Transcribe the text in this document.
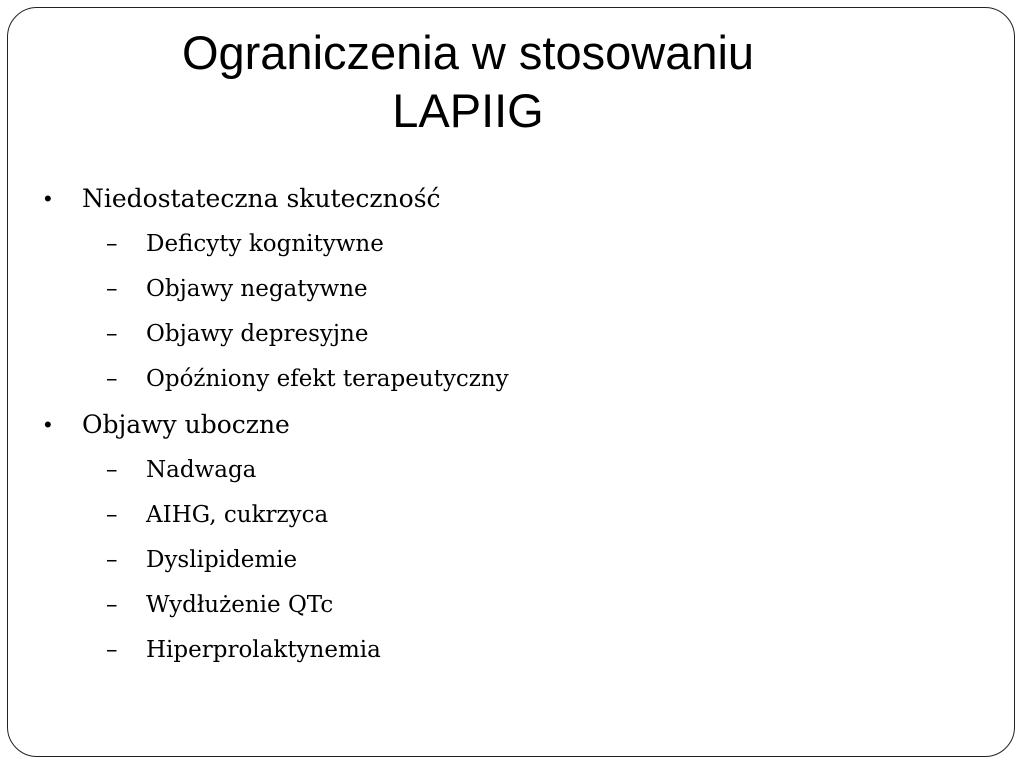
Ograniczenia w stosowaniu
LAPIIG
• Niedostateczna skuteczność
– Deficyty kognitywne
– Objawy negatywne
– Objawy depresyjne
– Opóźniony efekt terapeutyczny
• Objawy uboczne
– Nadwaga
– AIHG, cukrzyca
– Dyslipidemie
– Wydłużenie QTc
– Hiperprolaktynemia
